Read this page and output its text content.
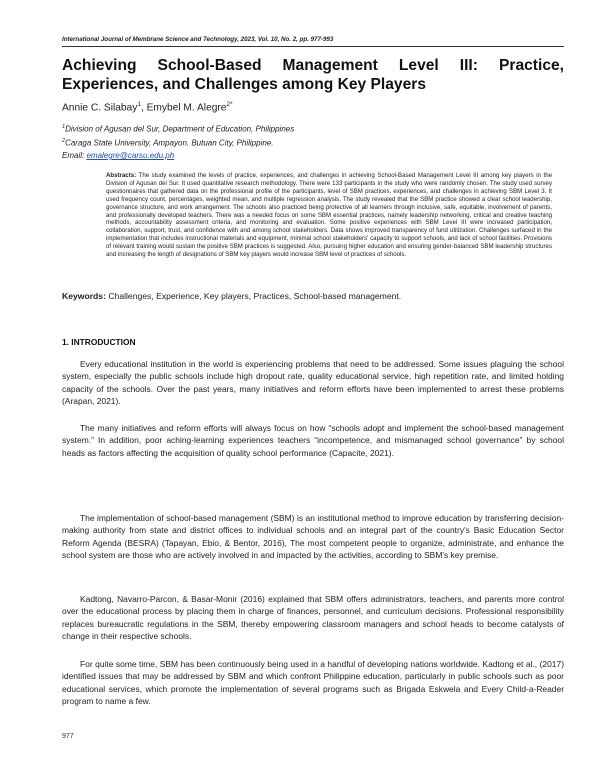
International Journal of Membrane Science and Technology, 2023, Vol. 10, No. 2, pp. 977-993
Achieving School-Based Management Level III: Practice, Experiences, and Challenges among Key Players
Annie C. Silabay$^1$, Emybel M. Alegre$^{2*}$
$^1$Division of Agusan del Sur, Department of Education, Philippines
$^2$Caraga State University, Ampayon. Butuan City, Philippine.
Email: emalegre@carsu.edu.ph
Abstracts: The study examined the levels of practice, experiences, and challenges in achieving School-Based Management Level III among key players in the Division of Agusan del Sur. It used quantitative research methodology. There were 133 participants in the study who were randomly chosen. The study used survey questionnaires that gathered data on the professional profile of the participants, level of SBM practices, experiences, and challenges in achieving SBM Level 3. It used frequency count, percentages, weighted mean, and multiple regression analysis. The study revealed that the SBM practice showed a clear school leadership, governance structure, and work arrangement. The schools also practiced being protective of all learners through inclusive, safe, equitable, involvement of parents, and professionally developed teachers. There was a needed focus on some SBM essential practices, namely leadership networking, critical and creative teaching methods, accountability assessment criteria, and monitoring and evaluation. Some positive experiences with SBM Level III were increased participation, collaboration, support, trust, and confidence with and among school stakeholders. Data shows improved transparency of fund utilization. Challenges surfaced in the implementation that includes instructional materials and equipment, minimal school stakeholders' capacity to support schools, and lack of school facilities. Provisions of relevant training would sustain the positive SBM practices is suggested. Also, pursuing higher education and ensuring gender-balanced SBM leadership structures and increasing the length of designations of SBM key players would increase SBM level of practices of schools.
Keywords: Challenges, Experience, Key players, Practices, School-based management.
1. INTRODUCTION
Every educational institution in the world is experiencing problems that need to be addressed. Some issues plaguing the school system, especially the public schools include high dropout rate, quality educational service, high repetition rate, and limited holding capacity of the schools. Over the past years, many initiatives and reform efforts have been implemented to arrest these problems (Arapan, 2021).
The many initiatives and reform efforts will always focus on how “schools adopt and implement the school-based management system.” In addition, poor aching-learning experiences teachers “incompetence, and mismanaged school governance” by school heads as factors affecting the acquisition of quality school performance (Capacite, 2021).
The implementation of school-based management (SBM) is an institutional method to improve education by transferring decision-making authority from state and district offices to individual schools and an integral part of the country's Basic Education Sector Reform Agenda (BESRA) (Tapayan, Ebio, & Bentor, 2016), The most competent people to organize, administrate, and enhance the school system are those who are actively involved in and impacted by the activities, according to SBM's key premise.
Kadtong, Navarro-Parcon, & Basar-Monir (2016) explained that SBM offers administrators, teachers, and parents more control over the educational process by placing them in charge of finances, personnel, and curriculum decisions. Professional responsibility replaces bureaucratic regulations in the SBM, thereby empowering classroom managers and school heads to become catalysts of change in their respective schools.
For quite some time, SBM has been continuously being used in a handful of developing nations worldwide. Kadtong et al., (2017) identified issues that may be addressed by SBM and which confront Philippine education, particularly in public schools such as poor educational services, which promote the implementation of several programs such as Brigada Eskwela and Every Child-a-Reader program to name a few.
977
